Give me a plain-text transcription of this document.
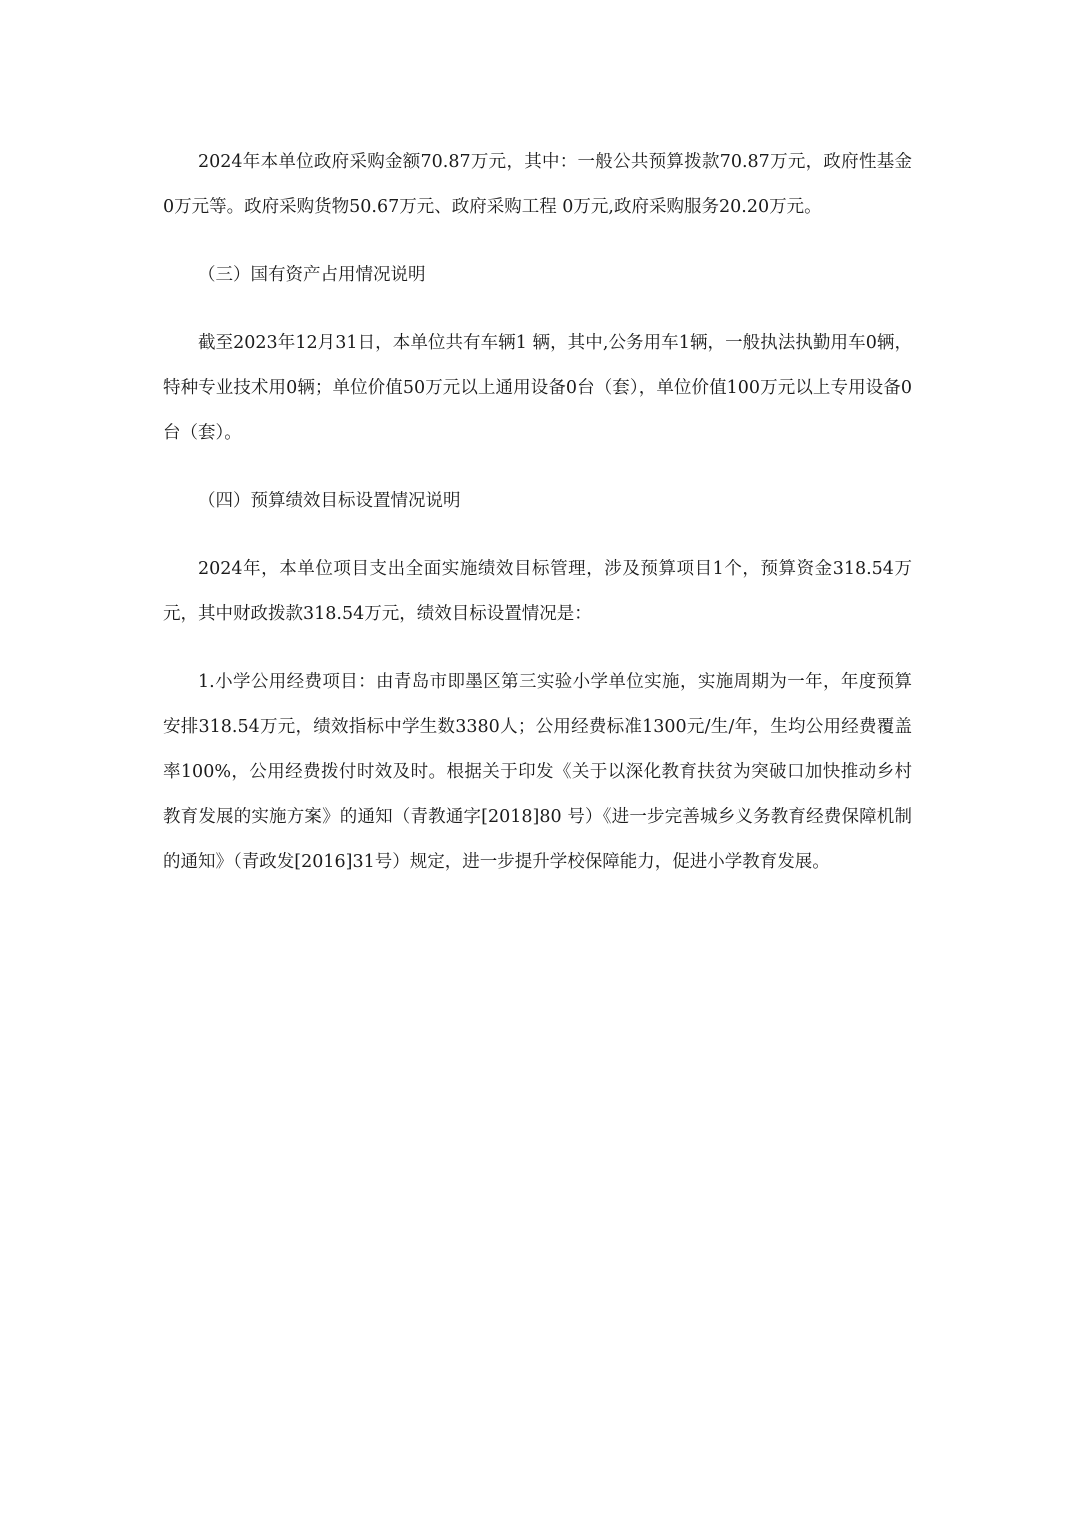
2024年本单位政府采购金额70.87万元，其中：一般公共预算拨款70.87万元，政府性基金0万元等。政府采购货物50.67万元、政府采购工程 0万元,政府采购服务20.20万元。

（三）国有资产占用情况说明

截至2023年12月31日，本单位共有车辆1 辆，其中,公务用车1辆，一般执法执勤用车0辆，特种专业技术用0辆；单位价值50万元以上通用设备0台（套），单位价值100万元以上专用设备0台（套）。

（四）预算绩效目标设置情况说明

2024年，本单位项目支出全面实施绩效目标管理，涉及预算项目1个，预算资金318.54万元，其中财政拨款318.54万元，绩效目标设置情况是：

1.小学公用经费项目：由青岛市即墨区第三实验小学单位实施，实施周期为一年，年度预算安排318.54万元，绩效指标中学生数3380人；公用经费标准1300元/生/年，生均公用经费覆盖率100%，公用经费拨付时效及时。根据关于印发《关于以深化教育扶贫为突破口加快推动乡村教育发展的实施方案》的通知（青教通字[2018]80 号）《进一步完善城乡义务教育经费保障机制的通知》（青政发[2016]31号）规定，进一步提升学校保障能力，促进小学教育发展。
